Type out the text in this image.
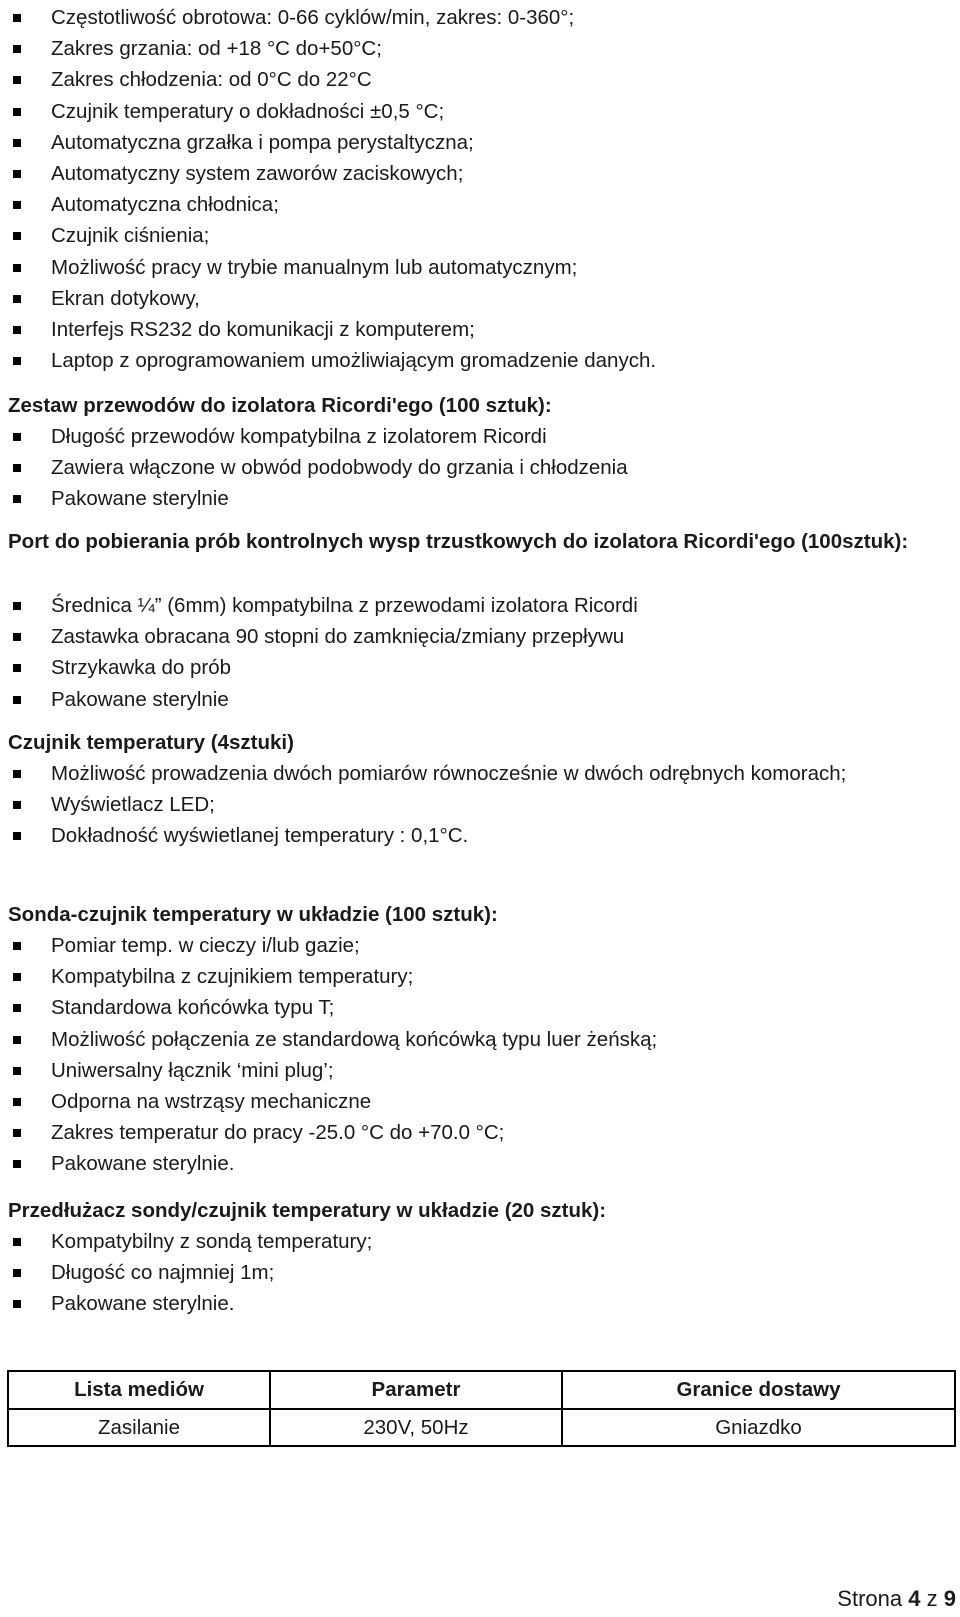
Częstotliwość obrotowa: 0-66 cyklów/min, zakres: 0-360°;
Zakres grzania: od +18 °C do+50°C;
Zakres chłodzenia: od 0°C do 22°C
Czujnik temperatury o dokładności ±0,5 °C;
Automatyczna grzałka i pompa perystaltyczna;
Automatyczny system zaworów zaciskowych;
Automatyczna chłodnica;
Czujnik ciśnienia;
Możliwość pracy w trybie manualnym lub automatycznym;
Ekran dotykowy,
Interfejs RS232 do komunikacji z komputerem;
Laptop z oprogramowaniem umożliwiającym gromadzenie danych.
Zestaw przewodów do izolatora Ricordi'ego (100 sztuk):
Długość przewodów kompatybilna z izolatorem Ricordi
Zawiera włączone w obwód podobwody do grzania i chłodzenia
Pakowane sterylnie
Port do pobierania prób kontrolnych wysp trzustkowych do izolatora Ricordi'ego (100sztuk):
Średnica ¼” (6mm) kompatybilna z przewodami izolatora Ricordi
Zastawka obracana 90 stopni do zamknięcia/zmiany przepływu
Strzykawka do prób
Pakowane sterylnie
Czujnik temperatury (4sztuki)
Możliwość prowadzenia dwóch pomiarów równocześnie w dwóch odrębnych komorach;
Wyświetlacz LED;
Dokładność wyświetlanej temperatury : 0,1°C.
Sonda-czujnik temperatury w układzie (100 sztuk):
Pomiar temp. w cieczy i/lub gazie;
Kompatybilna z czujnikiem temperatury;
Standardowa końcówka typu T;
Możliwość połączenia ze standardową końcówką typu luer żeńską;
Uniwersalny łącznik ‘mini plug’;
Odporna na wstrząsy mechaniczne
Zakres temperatur do pracy -25.0 °C do +70.0 °C;
Pakowane sterylnie.
Przedłużacz sondy/czujnik temperatury w układzie (20 sztuk):
Kompatybilny z sondą temperatury;
Długość co najmniej 1m;
Pakowane sterylnie.
Lista mediów	Parametr	Granice dostawy
Zasilanie	230V, 50Hz	Gniazdko
Strona 4 z 9
